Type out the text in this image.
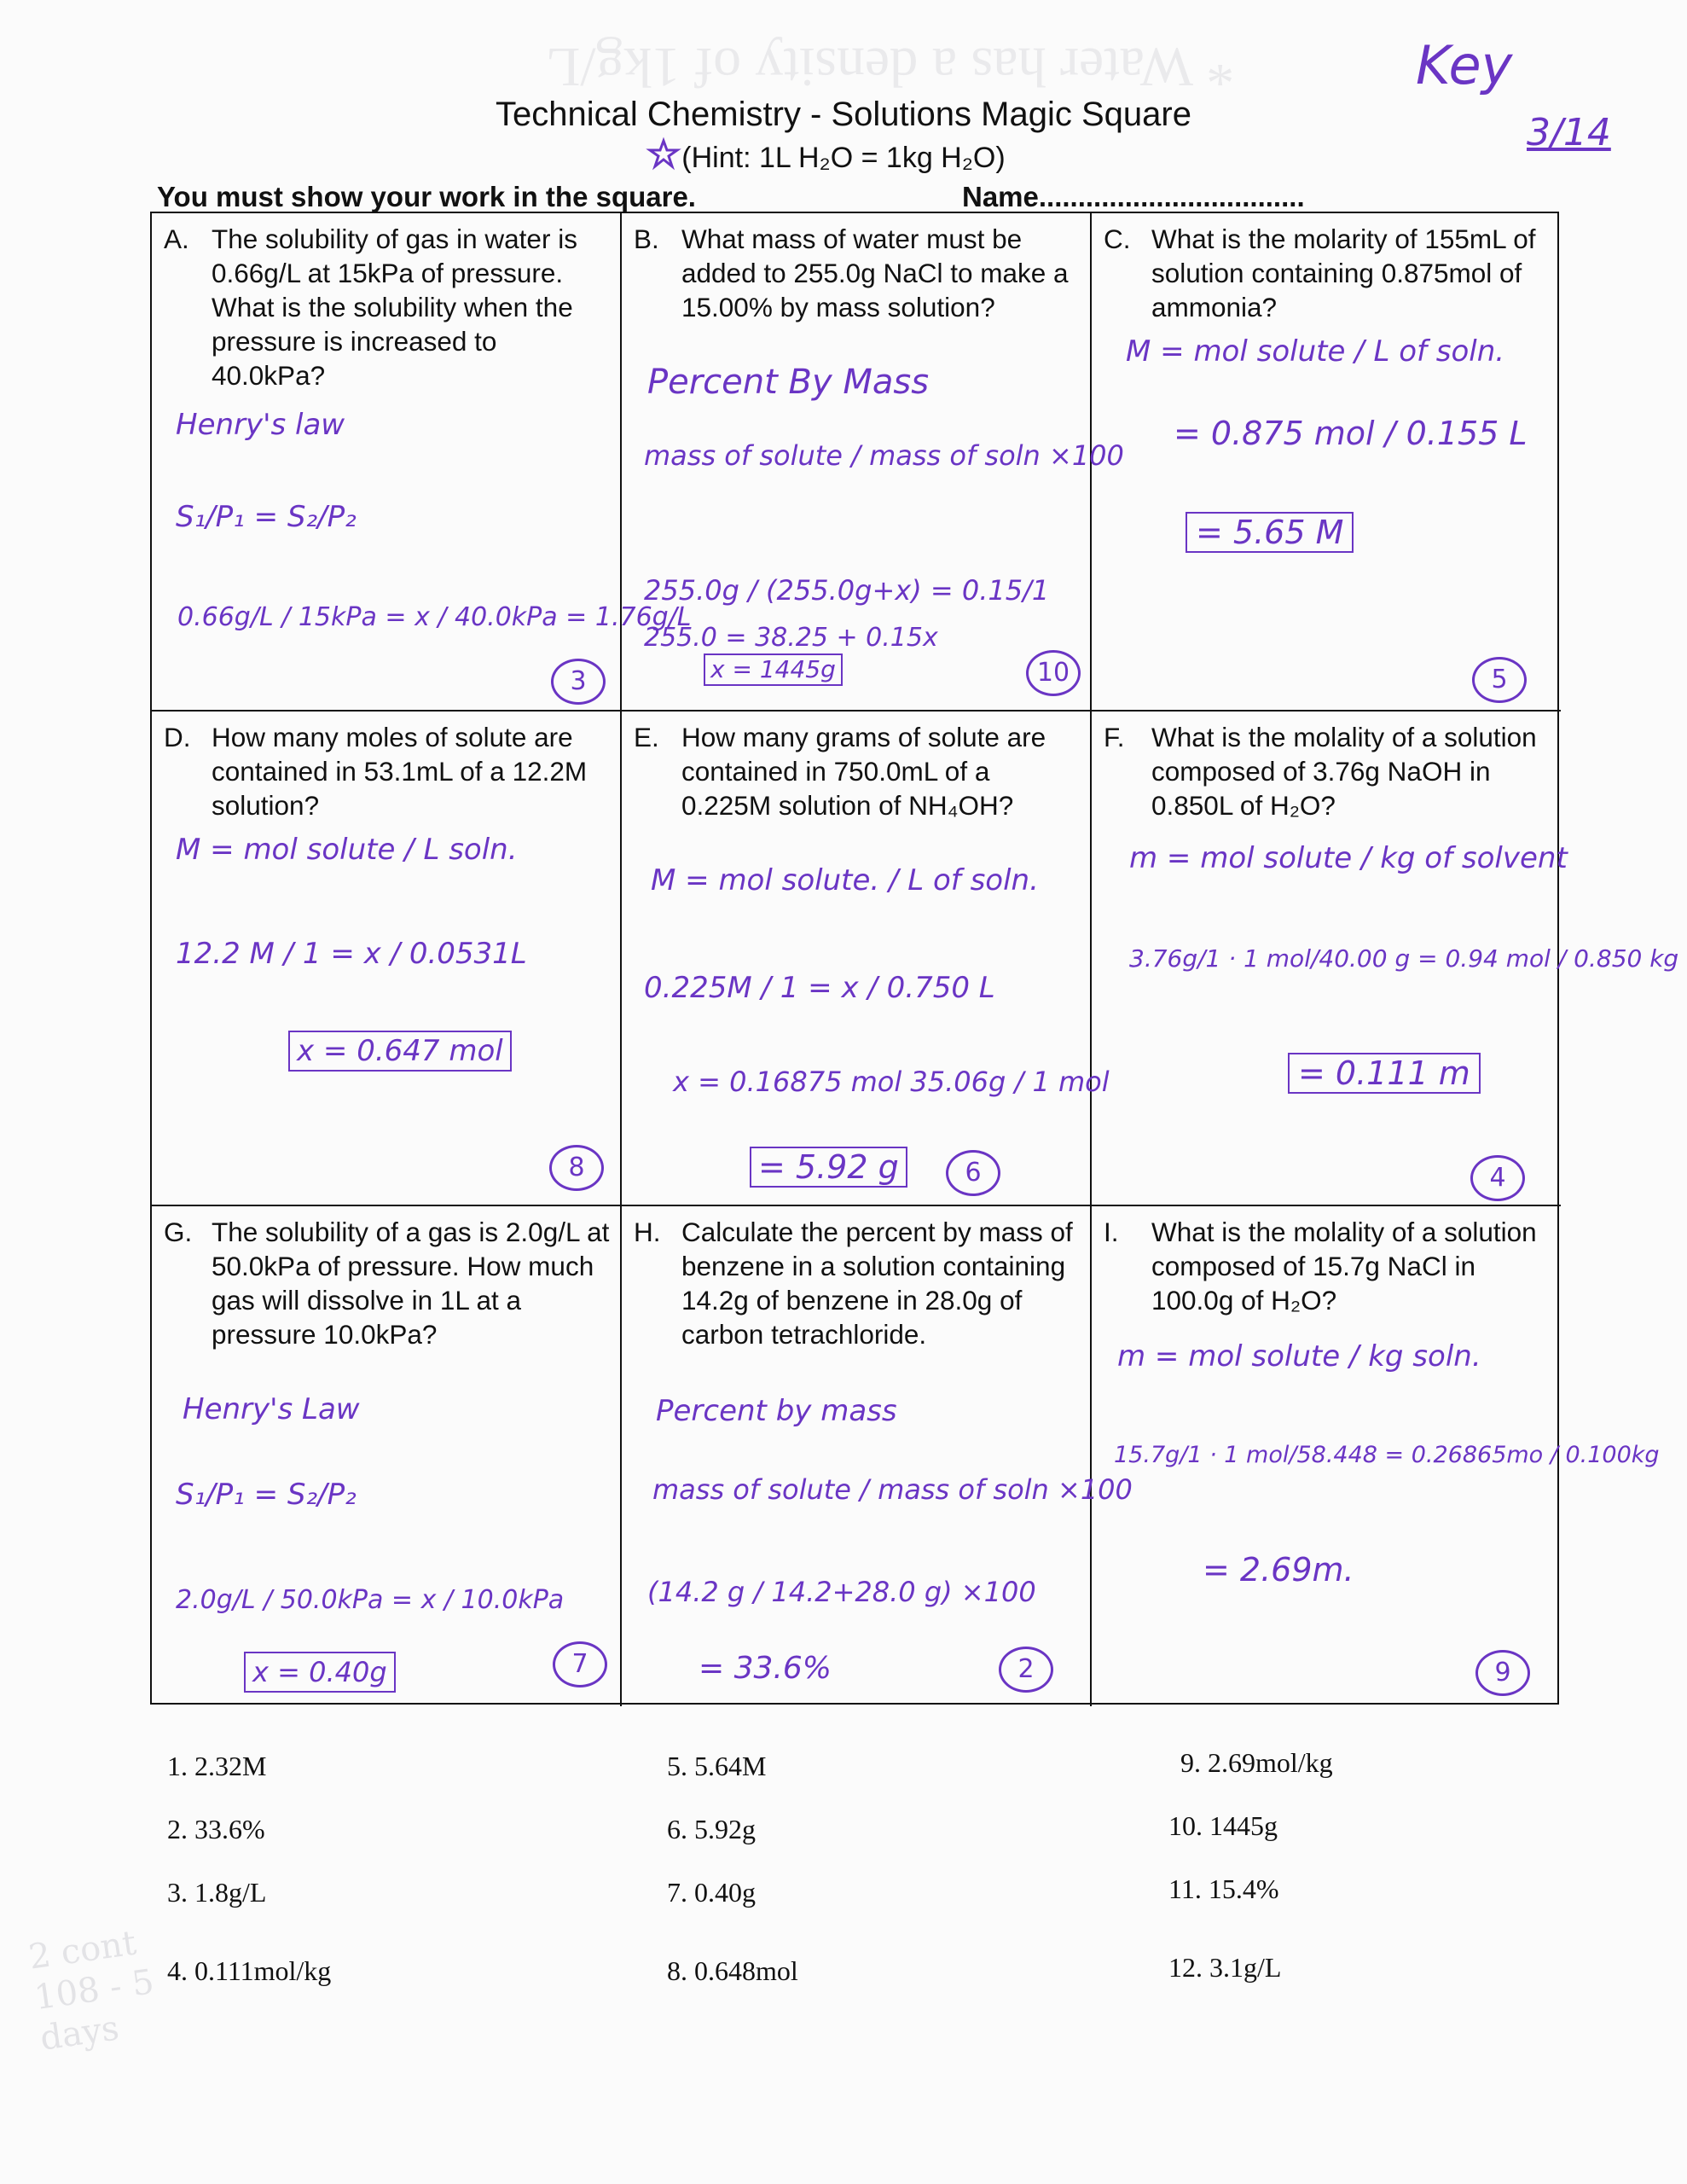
* Water has a density of 1kg/L
2 cont 108 - 5 days
Key
3/14
Technical Chemistry - Solutions Magic Square
(Hint: 1L H₂O = 1kg H₂O)
You must show your work in the square.	Name..................................
A. The solubility of gas in water is 0.66g/L at 15kPa of pressure. What is the solubility when the pressure is increased to 40.0kPa?
Henry's law
S₁/P₁ = S₂/P₂
0.66g/L / 15kPa = x / 40.0kPa = 1.76g/L
3
B. What mass of water must be added to 255.0g NaCl to make a 15.00% by mass solution?
Percent By Mass
mass of solute / mass of soln ×100
255.0g / (255.0g+x) = 0.15/1
255.0 = 38.25 + 0.15x
x = 1445g	10
C. What is the molarity of 155mL of solution containing 0.875mol of ammonia?
M = mol solute / L of soln.
= 0.875 mol / 0.155 L
= 5.65 M
5
D. How many moles of solute are contained in 53.1mL of a 12.2M solution?
M = mol solute / L soln.
12.2 M / 1 = x / 0.0531L
x = 0.647 mol
8
E. How many grams of solute are contained in 750.0mL of a 0.225M solution of NH₄OH?
M = mol solute. / L of soln.
0.225M / 1 = x / 0.750 L
x = 0.16875 mol 35.06g / 1 mol
= 5.92 g	6
F. What is the molality of a solution composed of 3.76g NaOH in 0.850L of H₂O?
m = mol solute / kg of solvent
3.76g/1 · 1 mol/40.00 g = 0.94 mol / 0.850 kg
= 0.111 m
4
G. The solubility of a gas is 2.0g/L at 50.0kPa of pressure. How much gas will dissolve in 1L at a pressure 10.0kPa?
Henry's Law
S₁/P₁ = S₂/P₂
2.0g/L / 50.0kPa = x / 10.0kPa
x = 0.40g	7
H. Calculate the percent by mass of benzene in a solution containing 14.2g of benzene in 28.0g of carbon tetrachloride.
Percent by mass
mass of solute / mass of soln ×100
(14.2 g / 14.2+28.0 g) ×100
= 33.6%	2
I.	What is the molality of a solution composed of 15.7g NaCl in 100.0g of H₂O?
m = mol solute / kg soln.
15.7g/1 · 1 mol/58.448 = 0.26865mo / 0.100kg
= 2.69m.
9
1. 2.32M
2. 33.6%
3. 1.8g/L
4. 0.111mol/kg
5. 5.64M
6. 5.92g
7. 0.40g
8. 0.648mol
9. 2.69mol/kg
10. 1445g
11. 15.4%
12. 3.1g/L
